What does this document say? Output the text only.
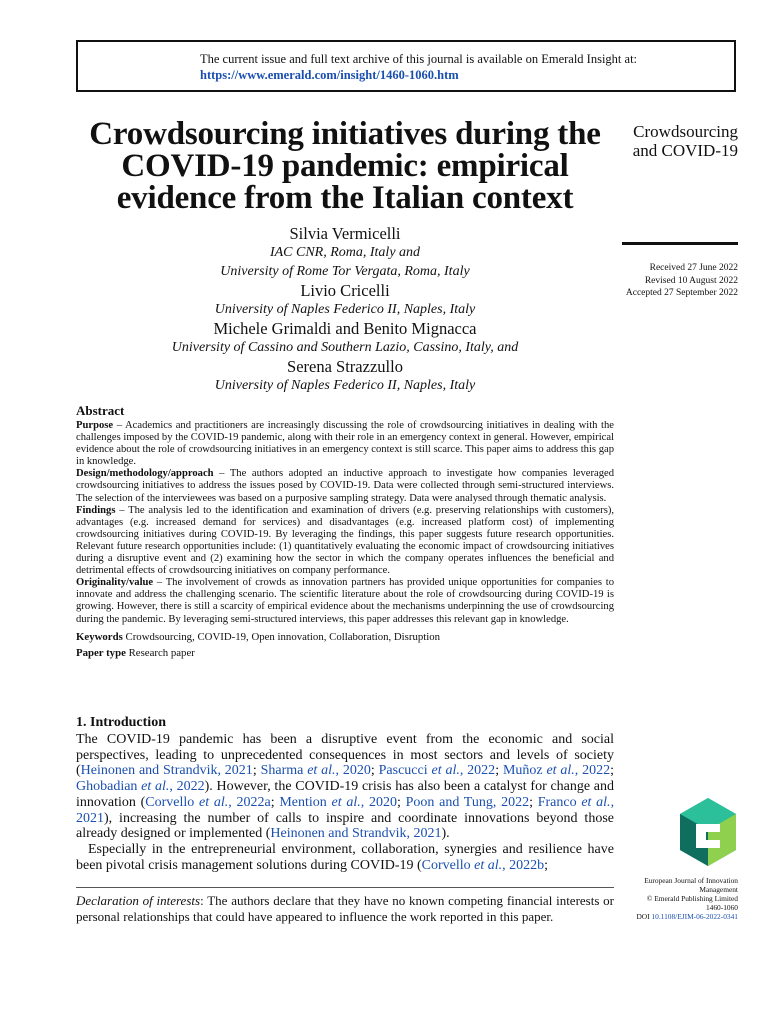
The current issue and full text archive of this journal is available on Emerald Insight at:
https://www.emerald.com/insight/1460-1060.htm
Crowdsourcing initiatives during the COVID-19 pandemic: empirical evidence from the Italian context
Crowdsourcing
and COVID-19
Received 27 June 2022
Revised 10 August 2022
Accepted 27 September 2022
Silvia Vermicelli
IAC CNR, Roma, Italy and
University of Rome Tor Vergata, Roma, Italy
Livio Cricelli
University of Naples Federico II, Naples, Italy
Michele Grimaldi and Benito Mignacca
University of Cassino and Southern Lazio, Cassino, Italy, and
Serena Strazzullo
University of Naples Federico II, Naples, Italy
Abstract

Purpose – Academics and practitioners are increasingly discussing the role of crowdsourcing initiatives in dealing with the challenges imposed by the COVID-19 pandemic, along with their role in an emergency context in general. However, empirical evidence about the role of crowdsourcing initiatives in an emergency context is still scarce. This paper aims to address this gap in knowledge.

Design/methodology/approach – The authors adopted an inductive approach to investigate how companies leveraged crowdsourcing initiatives to address the issues posed by COVID-19. Data were collected through semi-structured interviews. The selection of the interviewees was based on a purposive sampling strategy. Data were analysed through thematic analysis.

Findings – The analysis led to the identification and examination of drivers (e.g. preserving relationships with customers), advantages (e.g. increased demand for services) and disadvantages (e.g. increased platform cost) of implementing crowdsourcing initiatives during COVID-19. By leveraging the findings, this paper suggests future research opportunities. Relevant future research opportunities include: (1) quantitatively evaluating the economic impact of crowdsourcing initiatives during a disruptive event and (2) examining how the sector in which the company operates influences the beneficial and detrimental effects of crowdsourcing initiatives on company performance.

Originality/value – The involvement of crowds as innovation partners has provided unique opportunities for companies to innovate and address the challenging scenario. The scientific literature about the role of crowdsourcing during COVID-19 is growing. However, there is still a scarcity of empirical evidence about the mechanisms underpinning the use of crowdsourcing during the pandemic. By leveraging semi-structured interviews, this paper addresses this relevant gap in knowledge.

Keywords Crowdsourcing, COVID-19, Open innovation, Collaboration, Disruption

Paper type Research paper

1. Introduction

The COVID-19 pandemic has been a disruptive event from the economic and social perspectives, leading to unprecedented consequences in most sectors and levels of society (Heinonen and Strandvik, 2021; Sharma et al., 2020; Pascucci et al., 2022; Muñoz et al., 2022; Ghobadian et al., 2022). However, the COVID-19 crisis has also been a catalyst for change and innovation (Corvello et al., 2022a; Mention et al., 2020; Poon and Tung, 2022; Franco et al., 2021), increasing the number of calls to inspire and coordinate innovations beyond those already designed or implemented (Heinonen and Strandvik, 2021).

Especially in the entrepreneurial environment, collaboration, synergies and resilience have been pivotal crisis management solutions during COVID-19 (Corvello et al., 2022b;

Declaration of interests: The authors declare that they have no known competing financial interests or personal relationships that could have appeared to influence the work reported in this paper.
European Journal of Innovation
Management
© Emerald Publishing Limited
1460-1060
DOI 10.1108/EJIM-06-2022-0341
